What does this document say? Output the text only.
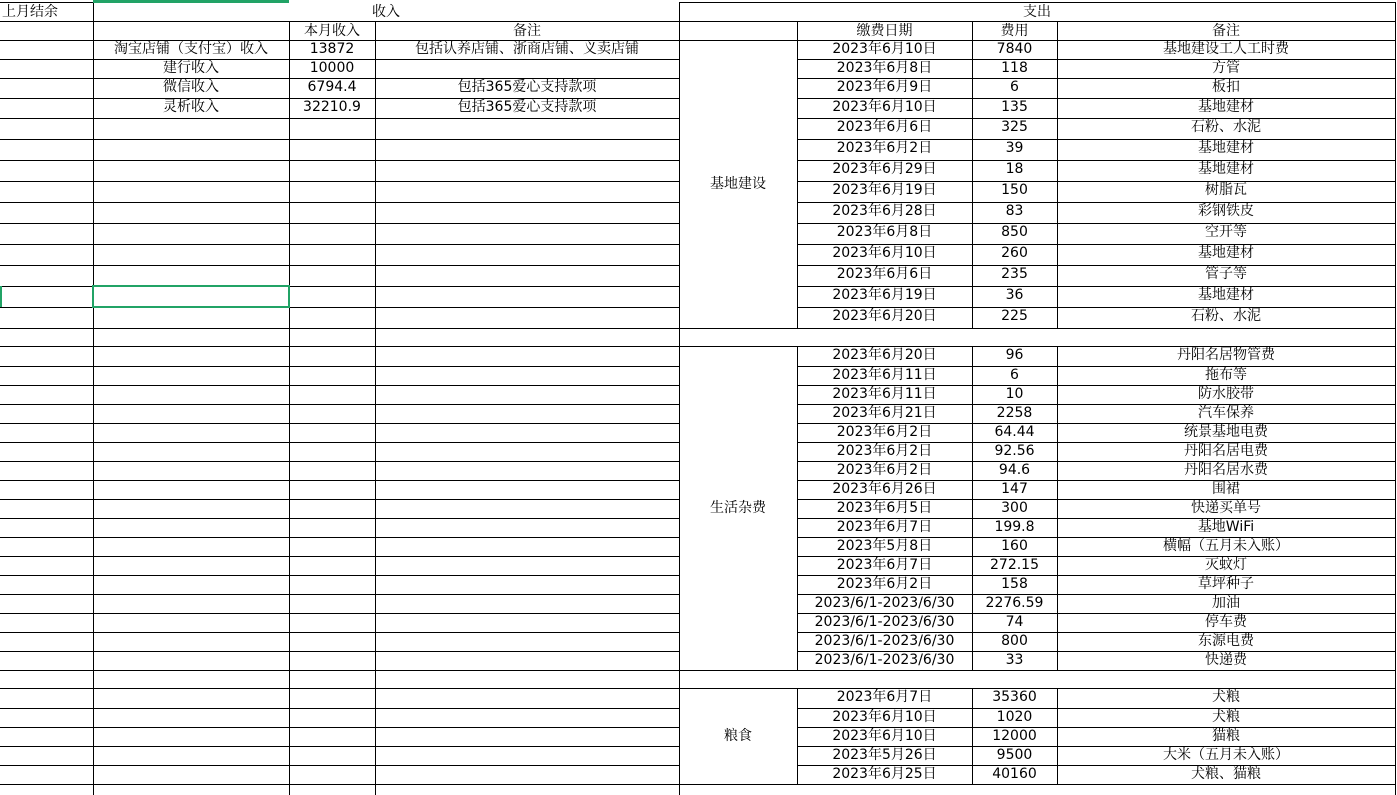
上月结余	收入	支出
本月收入	备注	缴费日期	费用	备注
淘宝店铺（支付宝）收入	13872	包括认养店铺、浙商店铺、义卖店铺
建行收入	10000
微信收入	6794.4	包括365爱心支持款项
灵析收入	32210.9	包括365爱心支持款项
基地建设
2023年6月10日	7840	基地建设工人工时费
2023年6月8日	118	方管
2023年6月9日	6	板扣
2023年6月10日	135	基地建材
2023年6月6日	325	石粉、水泥
2023年6月2日	39	基地建材
2023年6月29日	18	基地建材
2023年6月19日	150	树脂瓦
2023年6月28日	83	彩钢铁皮
2023年6月8日	850	空开等
2023年6月10日	260	基地建材
2023年6月6日	235	管子等
2023年6月19日	36	基地建材
2023年6月20日	225	石粉、水泥
生活杂费
2023年6月20日	96	丹阳名居物管费
2023年6月11日	6	拖布等
2023年6月11日	10	防水胶带
2023年6月21日	2258	汽车保养
2023年6月2日	64.44	统景基地电费
2023年6月2日	92.56	丹阳名居电费
2023年6月2日	94.6	丹阳名居水费
2023年6月26日	147	围裙
2023年6月5日	300	快递买单号
2023年6月7日	199.8	基地WiFi
2023年5月8日	160	横幅（五月未入账）
2023年6月7日	272.15	灭蚊灯
2023年6月2日	158	草坪种子
2023/6/1-2023/6/30	2276.59	加油
2023/6/1-2023/6/30	74	停车费
2023/6/1-2023/6/30	800	东源电费
2023/6/1-2023/6/30	33	快递费
粮食
2023年6月7日	35360	犬粮
2023年6月10日	1020	犬粮
2023年6月10日	12000	猫粮
2023年5月26日	9500	大米（五月未入账）
2023年6月25日	40160	犬粮、猫粮
